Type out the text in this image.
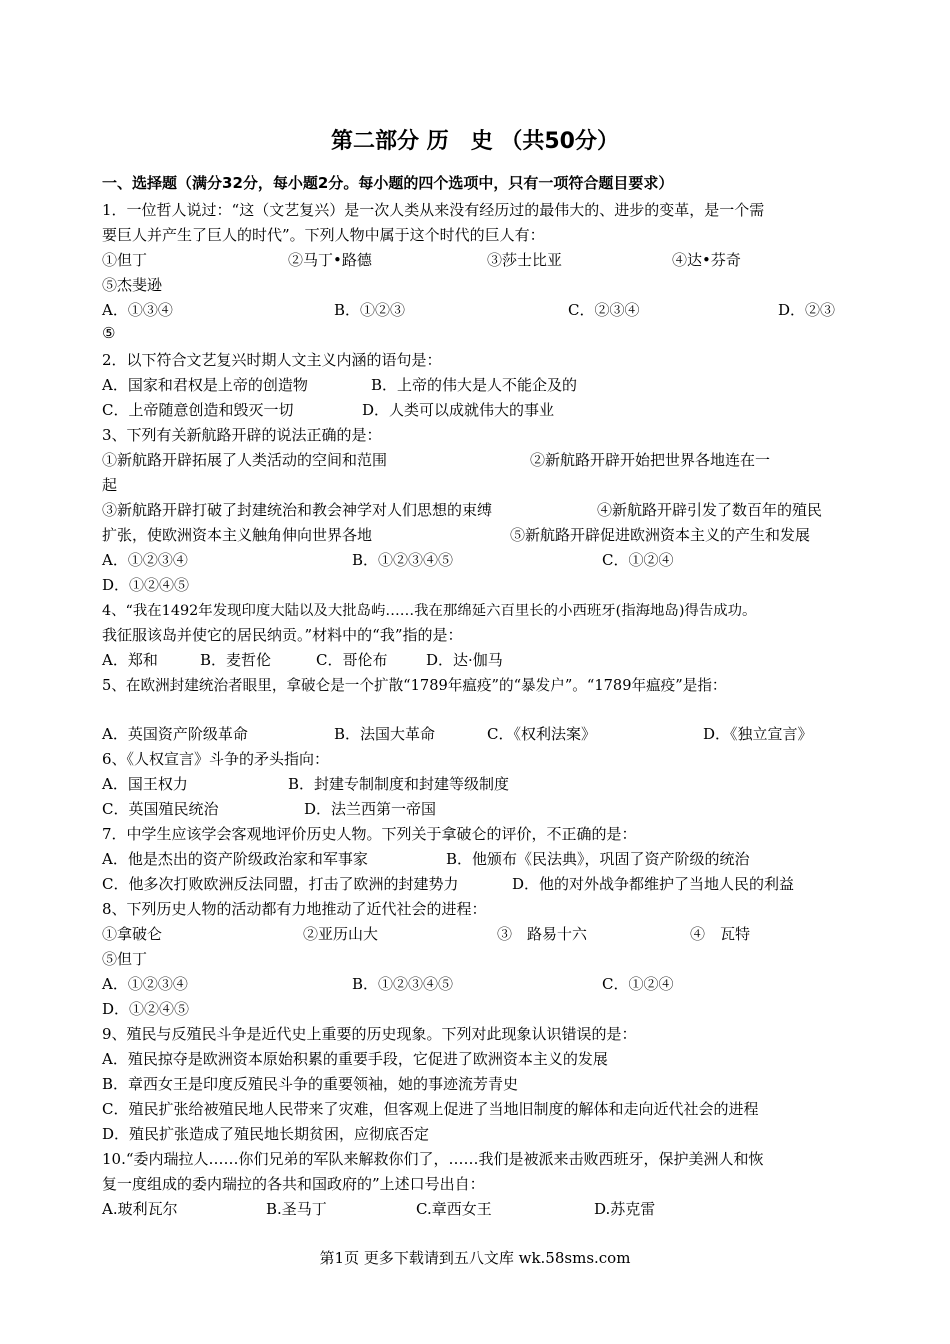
第二部分 历　史 （共50分）
一、选择题（满分32分，每小题2分。每小题的四个选项中，只有一项符合题目要求）
1．一位哲人说过：“这（文艺复兴）是一次人类从来没有经历过的最伟大的、进步的变革，是一个需
要巨人并产生了巨人的时代”。下列人物中属于这个时代的巨人有：
①但丁	②马丁•路德	③莎士比亚	④达•芬奇
⑤杰斐逊
A．①③④	B．①②③	C．②③④	D．②③
⑤
2．以下符合文艺复兴时期人文主义内涵的语句是：
A．国家和君权是上帝的创造物	B．上帝的伟大是人不能企及的
C．上帝随意创造和毁灭一切	D．人类可以成就伟大的事业
3、下列有关新航路开辟的说法正确的是：
①新航路开辟拓展了人类活动的空间和范围	②新航路开辟开始把世界各地连在一
起
③新航路开辟打破了封建统治和教会神学对人们思想的束缚	④新航路开辟引发了数百年的殖民
扩张，使欧洲资本主义触角伸向世界各地	⑤新航路开辟促进欧洲资本主义的产生和发展
A．①②③④	B．①②③④⑤	C．①②④
D．①②④⑤
4、“我在1492年发现印度大陆以及大批岛屿……我在那绵延六百里长的小西班牙(指海地岛)得告成功。
我征服该岛并使它的居民纳贡。”材料中的“我”指的是：
A．郑和	B．麦哲伦	C．哥伦布	D．达·伽马
5、在欧洲封建统治者眼里，拿破仑是一个扩散“1789年瘟疫”的“暴发户”。“1789年瘟疫”是指：
A．英国资产阶级革命	B．法国大革命	C．《权利法案》	D．《独立宣言》
6、《人权宣言》斗争的矛头指向：
A．国王权力	B．封建专制制度和封建等级制度
C．英国殖民统治	D．法兰西第一帝国
7．中学生应该学会客观地评价历史人物。下列关于拿破仑的评价，不正确的是：
A．他是杰出的资产阶级政治家和军事家	B．他颁布《民法典》，巩固了资产阶级的统治
C．他多次打败欧洲反法同盟，打击了欧洲的封建势力	D．他的对外战争都维护了当地人民的利益
8、下列历史人物的活动都有力地推动了近代社会的进程：
①拿破仑	②亚历山大	③　路易十六	④　瓦特
⑤但丁
A．①②③④	B．①②③④⑤	C．①②④
D．①②④⑤
9、殖民与反殖民斗争是近代史上重要的历史现象。下列对此现象认识错误的是：
A．殖民掠夺是欧洲资本原始积累的重要手段，它促进了欧洲资本主义的发展
B．章西女王是印度反殖民斗争的重要领袖，她的事迹流芳青史
C．殖民扩张给被殖民地人民带来了灾难，但客观上促进了当地旧制度的解体和走向近代社会的进程
D．殖民扩张造成了殖民地长期贫困，应彻底否定
10.“委内瑞拉人……你们兄弟的军队来解救你们了，……我们是被派来击败西班牙，保护美洲人和恢
复一度组成的委内瑞拉的各共和国政府的”上述口号出自：
A.玻利瓦尔	B.圣马丁	C.章西女王	D.苏克雷
第1页 更多下载请到五八文库 wk.58sms.com
